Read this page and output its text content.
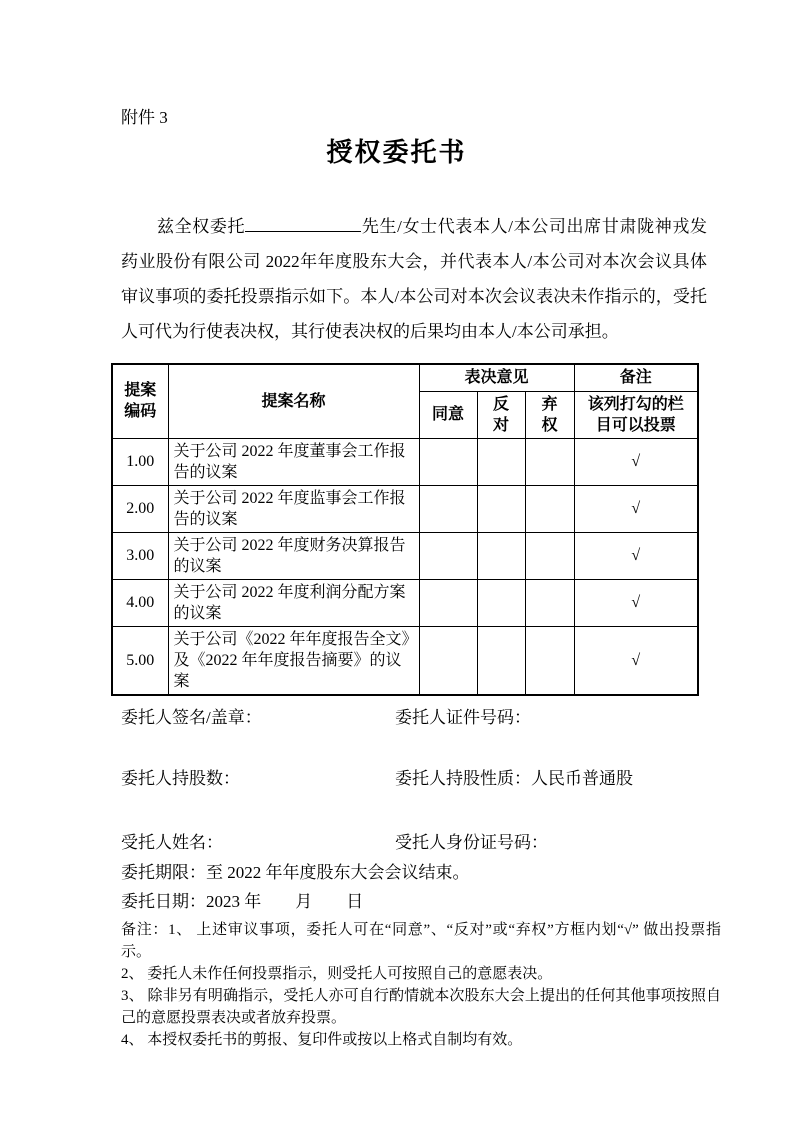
附件 3
授权委托书

兹全权委托	先生/女士代表本人/本公司出席甘肃陇神戎发药业股份有限公司 2022年年度股东大会，并代表本人/本公司对本次会议具体审议事项的委托投票指示如下。本人/本公司对本次会议表决未作指示的，受托人可代为行使表决权，其行使表决权的后果均由本人/本公司承担。

提案编码	提案名称	表决意见			备注
		同意	反对	弃权	该列打勾的栏目可以投票
1.00	关于公司 2022 年度董事会工作报告的议案				√
2.00	关于公司 2022 年度监事会工作报告的议案				√
3.00	关于公司 2022 年度财务决算报告的议案				√
4.00	关于公司 2022 年度利润分配方案的议案				√
5.00	关于公司《2022 年年度报告全文》及《2022 年年度报告摘要》的议案				√
委托人签名/盖章：	委托人证件号码：
委托人持股数：	委托人持股性质：人民币普通股
受托人姓名：	受托人身份证号码：
委托期限：至 2022 年年度股东大会会议结束。
委托日期：2023 年　　月　　日
备注：1、 上述审议事项，委托人可在“同意”、“反对”或“弃权”方框内划“√” 做出投票指示。
2、 委托人未作任何投票指示，则受托人可按照自己的意愿表决。
3、 除非另有明确指示，受托人亦可自行酌情就本次股东大会上提出的任何其他事项按照自己的意愿投票表决或者放弃投票。
4、 本授权委托书的剪报、复印件或按以上格式自制均有效。
